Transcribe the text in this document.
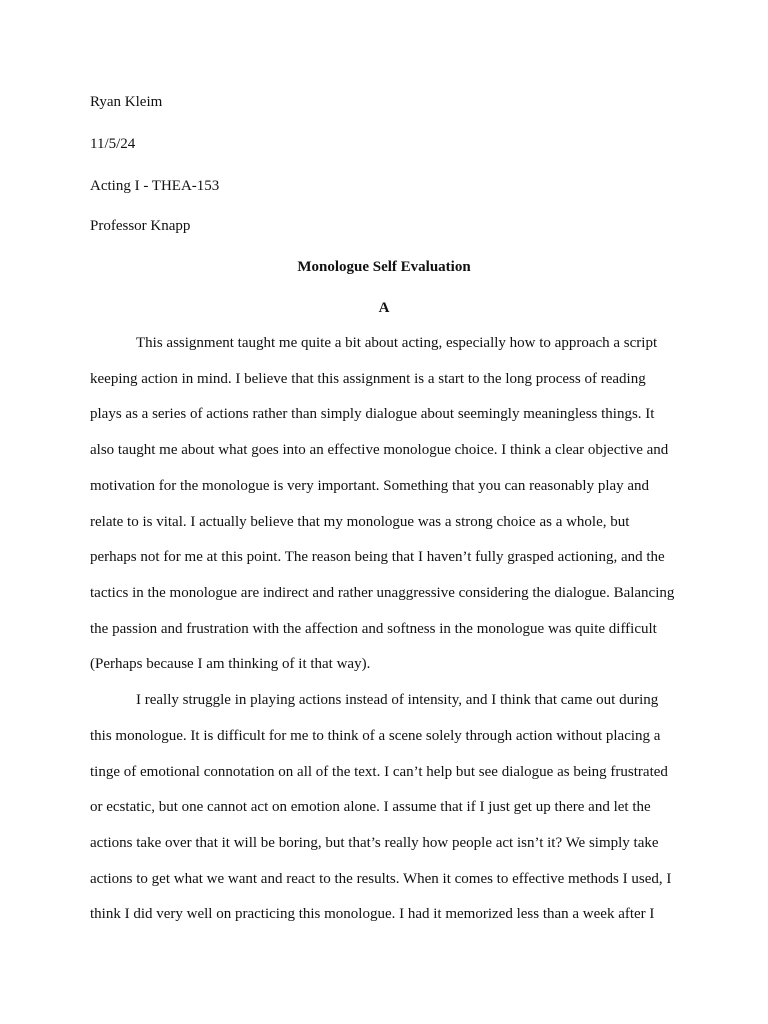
Ryan Kleim
11/5/24
Acting I - THEA-153
Professor Knapp
Monologue Self Evaluation
A
This assignment taught me quite a bit about acting, especially how to approach a script
keeping action in mind. I believe that this assignment is a start to the long process of reading
plays as a series of actions rather than simply dialogue about seemingly meaningless things. It
also taught me about what goes into an effective monologue choice. I think a clear objective and
motivation for the monologue is very important. Something that you can reasonably play and
relate to is vital. I actually believe that my monologue was a strong choice as a whole, but
perhaps not for me at this point. The reason being that I haven’t fully grasped actioning, and the
tactics in the monologue are indirect and rather unaggressive considering the dialogue. Balancing
the passion and frustration with the affection and softness in the monologue was quite difficult
(Perhaps because I am thinking of it that way).
I really struggle in playing actions instead of intensity, and I think that came out during
this monologue. It is difficult for me to think of a scene solely through action without placing a
tinge of emotional connotation on all of the text. I can’t help but see dialogue as being frustrated
or ecstatic, but one cannot act on emotion alone. I assume that if I just get up there and let the
actions take over that it will be boring, but that’s really how people act isn’t it? We simply take
actions to get what we want and react to the results. When it comes to effective methods I used, I
think I did very well on practicing this monologue. I had it memorized less than a week after I
